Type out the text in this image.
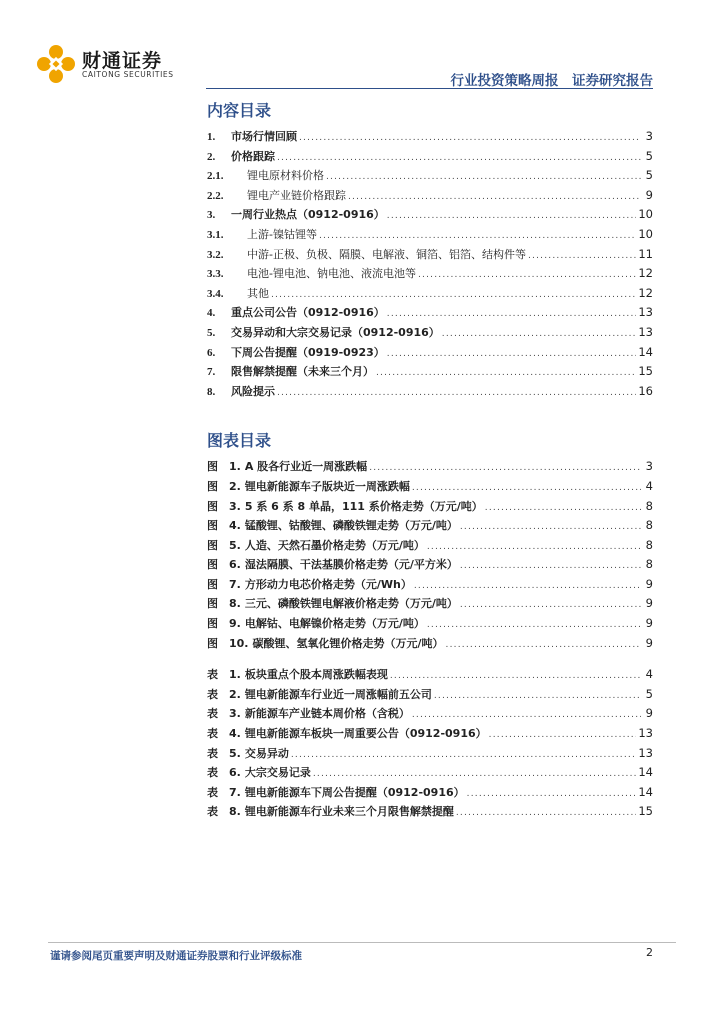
财通证券
CAITONG SECURITIES	行业投资策略周报　证券研究报告
内容目录
1.	市场行情回顾 .....	3
2.	价格跟踪 .....	5
2.1.	锂电原材料价格 .....	5
2.2.	锂电产业链价格跟踪 .....	9
3.	一周行业热点（0912-0916） .....	10
3.1.	上游-镍钴锂等 .....	10
3.2.	中游-正极、负极、隔膜、电解液、铜箔、铝箔、结构件等 .....	11
3.3.	电池-锂电池、钠电池、液流电池等 .....	12
3.4.	其他 .....	12
4.	重点公司公告（0912-0916） .....	13
5.	交易异动和大宗交易记录（0912-0916） .....	13
6.	下周公告提醒（0919-0923） .....	14
7.	限售解禁提醒（未来三个月） .....	15
8.	风险提示 .....	16
图表目录
图	1. A 股各行业近一周涨跌幅 .....	3
图	2. 锂电新能源车子版块近一周涨跌幅 .....	4
图	3. 5 系 6 系 8 单晶，111 系价格走势（万元/吨） .....	8
图	4. 锰酸锂、钴酸锂、磷酸铁锂走势（万元/吨） .....	8
图	5. 人造、天然石墨价格走势（万元/吨） .....	8
图	6. 湿法隔膜、干法基膜价格走势（元/平方米） .....	8
图	7. 方形动力电芯价格走势（元/Wh） .....	9
图	8. 三元、磷酸铁锂电解液价格走势（万元/吨） .....	9
图	9. 电解钴、电解镍价格走势（万元/吨） .....	9
图	10. 碳酸锂、氢氧化锂价格走势（万元/吨） .....	9
表	1. 板块重点个股本周涨跌幅表现 .....	4
表	2. 锂电新能源车行业近一周涨幅前五公司 .....	5
表	3. 新能源车产业链本周价格（含税） .....	9
表	4. 锂电新能源车板块一周重要公告（0912-0916） .....	13
表	5. 交易异动 .....	13
表	6. 大宗交易记录 .....	14
表	7. 锂电新能源车下周公告提醒（0912-0916） .....	14
表	8. 锂电新能源车行业未来三个月限售解禁提醒 .....	15
谨请参阅尾页重要声明及财通证券股票和行业评级标准	2
